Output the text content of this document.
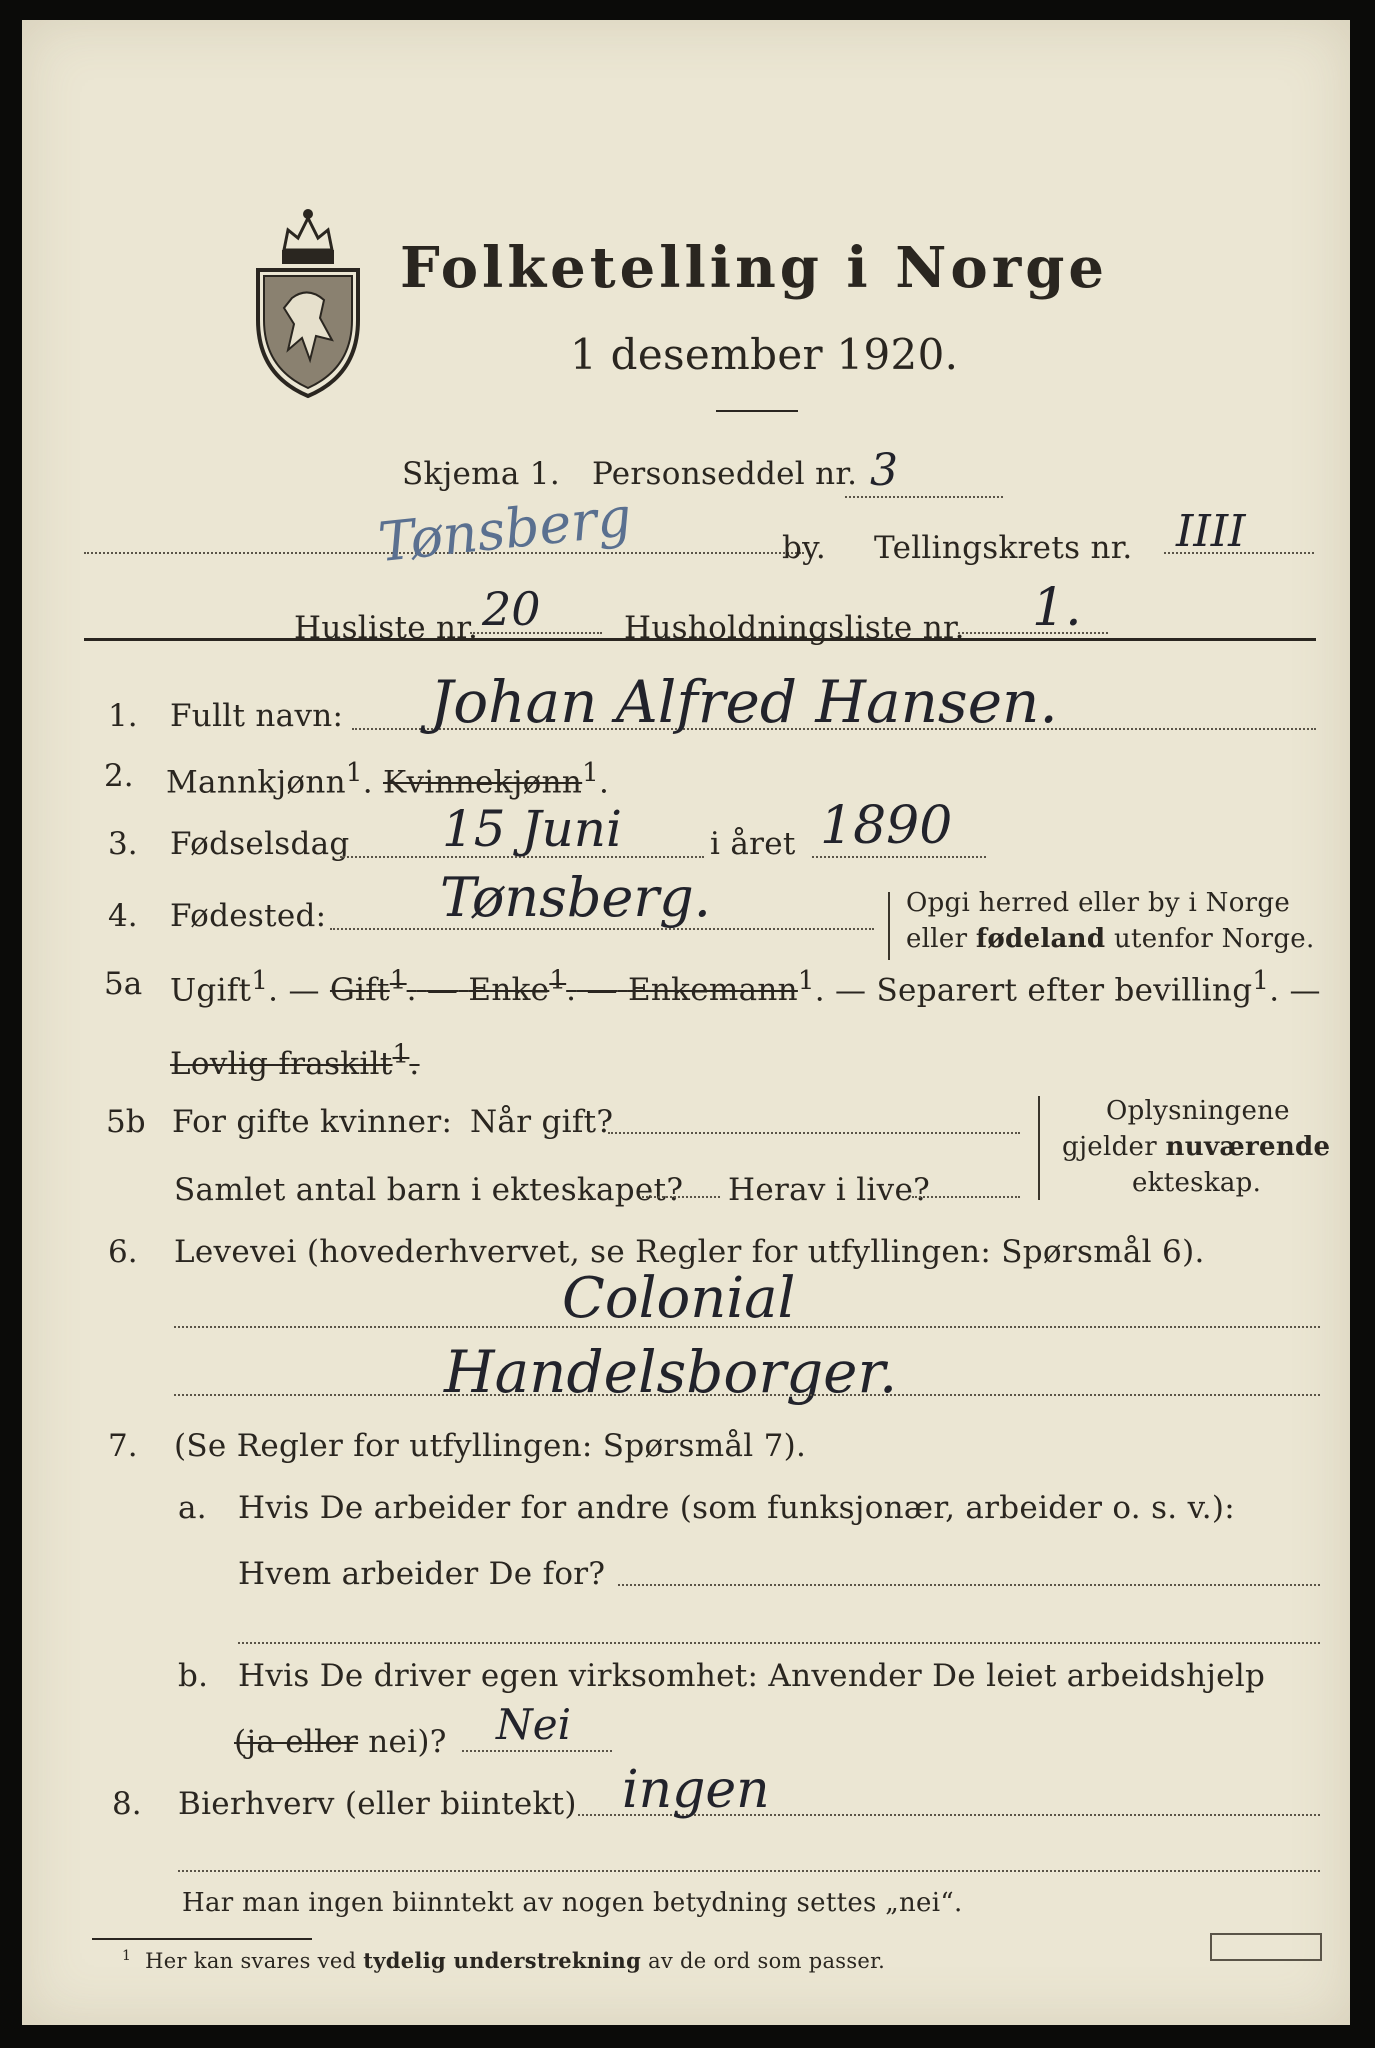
Folketelling i Norge
1 desember 1920.
Skjema 1. Personseddel nr. 3
Tønsberg	by. Tellingskrets nr. IIII
Husliste nr. 20	Husholdningsliste nr. 1.
1. Fullt navn: Johan Alfred Hansen.
2. Mannkjønn$^1$. Kvinnekjønn$^1$.
3. Fødselsdag 15 Juni	i året 1890
4. Fødested: Tønsberg.	Opgi herred eller by i Norge
eller fødeland utenfor Norge.
5a Ugift$^1$. — Gift$^1$. — Enke$^1$. — Enkemann$^1$. — Separert efter bevilling$^1$. —
Lovlig fraskilt$^1$.
5b For gifte kvinner: Når gift?
Samlet antal barn i ekteskapet? Herav i live?
Oplysningene
gjelder nuværende
ekteskap.
6. Levevei (hovederhvervet, se Regler for utfyllingen: Spørsmål 6).
Colonial
Handelsborger.
7. (Se Regler for utfyllingen: Spørsmål 7).
a. Hvis De arbeider for andre (som funksjonær, arbeider o. s. v.):
Hvem arbeider De for?
b. Hvis De driver egen virksomhet: Anvender De leiet arbeidshjelp
(ja eller nei)? Nei
8. Bierhverv (eller biintekt) ingen
Har man ingen biinntekt av nogen betydning settes „nei“.
$^1$ Her kan svares ved tydelig understrekning av de ord som passer.
